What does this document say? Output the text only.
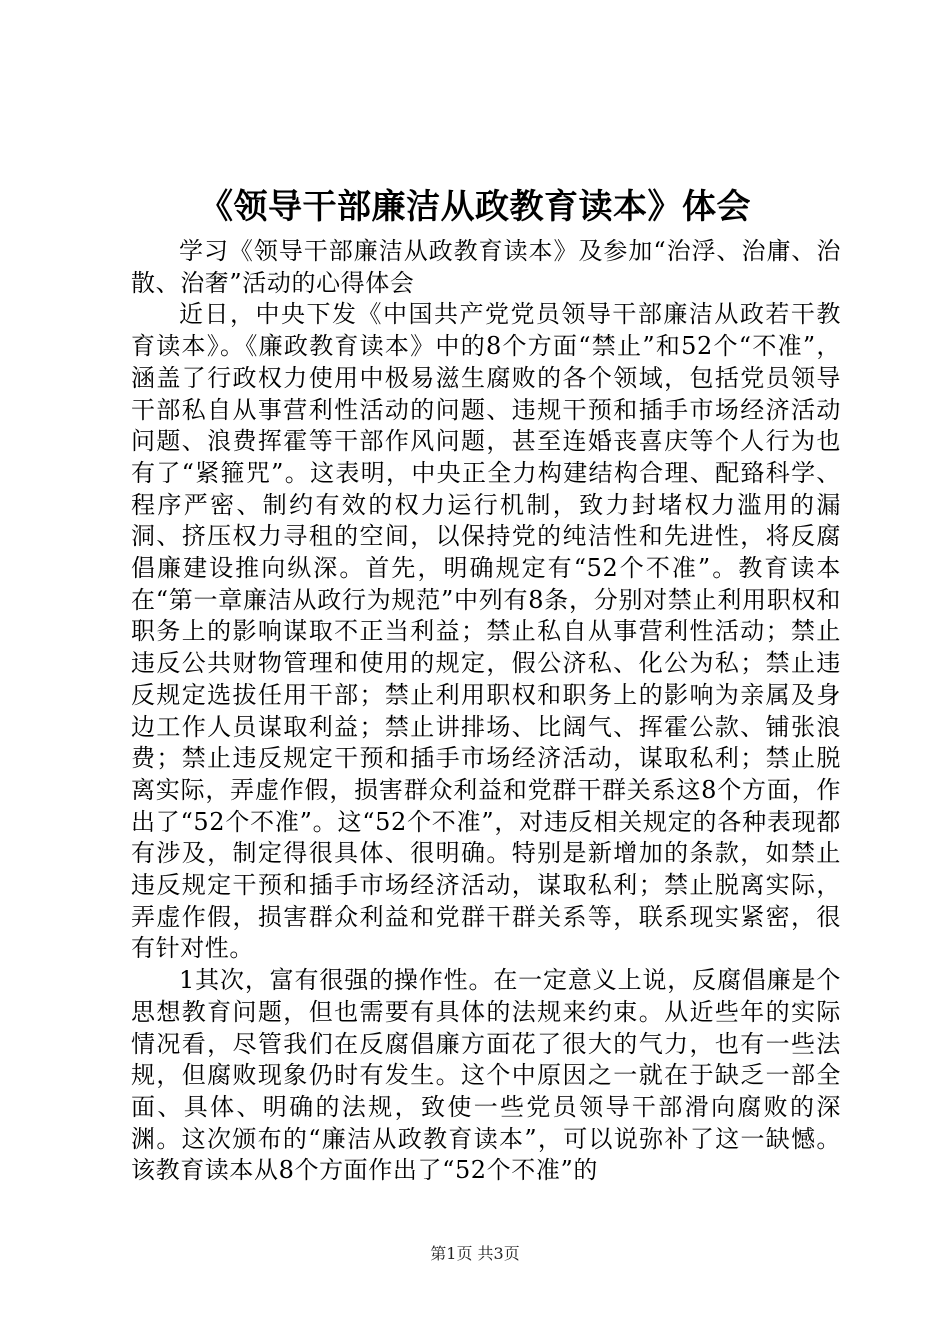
《领导干部廉洁从政教育读本》体会

学习《领导干部廉洁从政教育读本》及参加“治浮、治庸、治散、治奢”活动的心得体会

近日，中央下发《中国共产党党员领导干部廉洁从政若干教育读本》。《廉政教育读本》中的8个方面“禁止”和52个“不准”，涵盖了行政权力使用中极易滋生腐败的各个领域，包括党员领导干部私自从事营利性活动的问题、违规干预和插手市场经济活动问题、浪费挥霍等干部作风问题，甚至连婚丧喜庆等个人行为也有了“紧箍咒”。这表明，中央正全力构建结构合理、配臵科学、程序严密、制约有效的权力运行机制，致力封堵权力滥用的漏洞、挤压权力寻租的空间，以保持党的纯洁性和先进性，将反腐倡廉建设推向纵深。首先，明确规定有“52个不准”。教育读本在“第一章廉洁从政行为规范”中列有8条，分别对禁止利用职权和职务上的影响谋取不正当利益；禁止私自从事营利性活动；禁止违反公共财物管理和使用的规定，假公济私、化公为私；禁止违反规定选拔任用干部；禁止利用职权和职务上的影响为亲属及身边工作人员谋取利益；禁止讲排场、比阔气、挥霍公款、铺张浪费；禁止违反规定干预和插手市场经济活动，谋取私利；禁止脱离实际，弄虚作假，损害群众利益和党群干群关系这8个方面，作出了“52个不准”。这“52个不准”，对违反相关规定的各种表现都有涉及，制定得很具体、很明确。特别是新增加的条款，如禁止违反规定干预和插手市场经济活动，谋取私利；禁止脱离实际，弄虚作假，损害群众利益和党群干群关系等，联系现实紧密，很有针对性。

1其次，富有很强的操作性。在一定意义上说，反腐倡廉是个思想教育问题，但也需要有具体的法规来约束。从近些年的实际情况看，尽管我们在反腐倡廉方面花了很大的气力，也有一些法规，但腐败现象仍时有发生。这个中原因之一就在于缺乏一部全面、具体、明确的法规，致使一些党员领导干部滑向腐败的深渊。这次颁布的“廉洁从政教育读本”，可以说弥补了这一缺憾。该教育读本从8个方面作出了“52个不准”的

第1页 共3页
